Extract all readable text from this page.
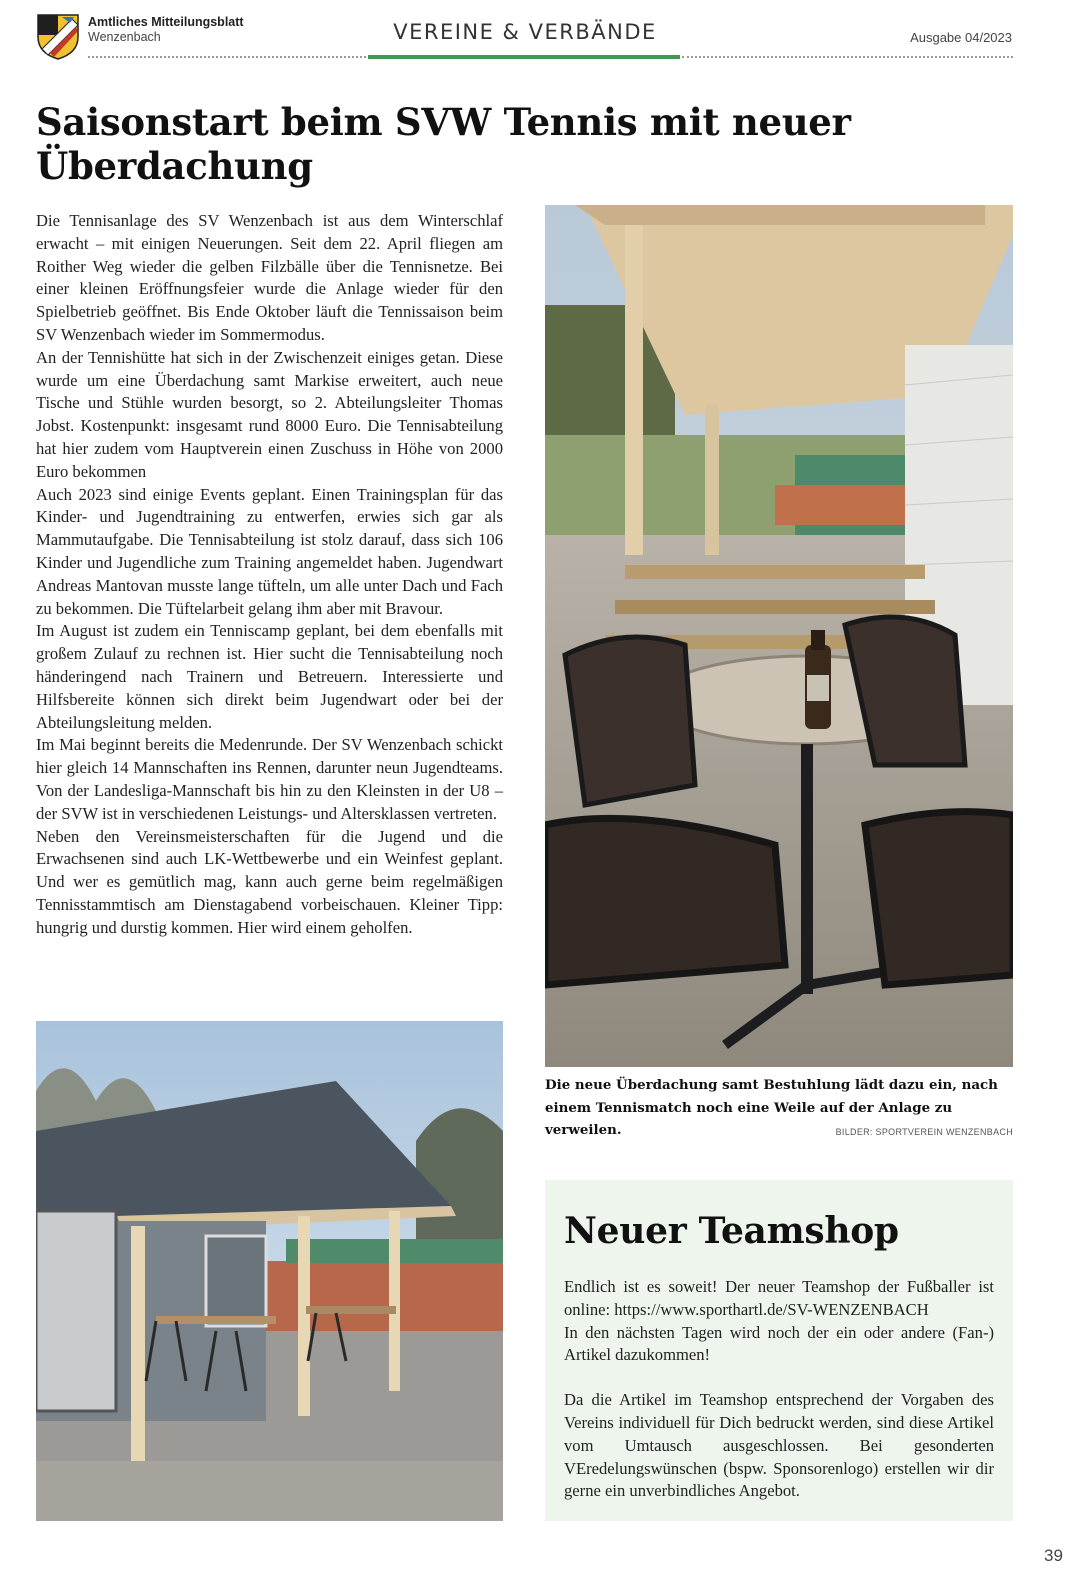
Amtliches Mitteilungsblatt
Wenzenbach	VEREINE & VERBÄNDE	Ausgabe 04/2023
Saisonstart beim SVW Tennis mit neuer Überdachung

Die Tennisanlage des SV Wenzenbach ist aus dem Winterschlaf erwacht – mit einigen Neuerungen. Seit dem 22. April fliegen am Roither Weg wieder die gelben Filzbälle über die Tennisnetze. Bei einer kleinen Eröffnungsfeier wurde die Anlage wieder für den Spielbetrieb geöffnet. Bis Ende Oktober läuft die Tennissaison beim SV Wenzenbach wieder im Sommermodus.

An der Tennishütte hat sich in der Zwischenzeit einiges getan. Diese wurde um eine Überdachung samt Markise erweitert, auch neue Tische und Stühle wurden besorgt, so 2. Abteilungsleiter Thomas Jobst. Kostenpunkt: insgesamt rund 8000 Euro. Die Tennisabteilung hat hier zudem vom Hauptverein einen Zuschuss in Höhe von 2000 Euro bekommen

Auch 2023 sind einige Events geplant. Einen Trainingsplan für das Kinder- und Jugendtraining zu entwerfen, erwies sich gar als Mammutaufgabe. Die Tennisabteilung ist stolz darauf, dass sich 106 Kinder und Jugendliche zum Training angemeldet haben. Jugendwart Andreas Mantovan musste lange tüfteln, um alle unter Dach und Fach zu bekommen. Die Tüftelarbeit gelang ihm aber mit Bravour.

Im August ist zudem ein Tenniscamp geplant, bei dem ebenfalls mit großem Zulauf zu rechnen ist. Hier sucht die Tennisabteilung noch händeringend nach Trainern und Betreuern. Interessierte und Hilfsbereite können sich direkt beim Jugendwart oder bei der Abteilungsleitung melden.

Im Mai beginnt bereits die Medenrunde. Der SV Wenzenbach schickt hier gleich 14 Mannschaften ins Rennen, darunter neun Jugendteams. Von der Landesliga-Mannschaft bis hin zu den Kleinsten in der U8 – der SVW ist in verschiedenen Leistungs- und Altersklassen vertreten.

Neben den Vereinsmeisterschaften für die Jugend und die Erwachsenen sind auch LK-Wettbewerbe und ein Weinfest geplant. Und wer es gemütlich mag, kann auch gerne beim regelmäßigen Tennisstammtisch am Dienstagabend vorbeischauen. Kleiner Tipp: hungrig und durstig kommen. Hier wird einem geholfen.

Die neue Überdachung samt Bestuhlung lädt dazu ein, nach einem Tennismatch noch eine Weile auf der Anlage zu verweilen.	BILDER: SPORTVEREIN WENZENBACH
Neuer Teamshop

Endlich ist es soweit! Der neuer Teamshop der Fußballer ist online: https://www.sporthartl.de/SV-WENZENBACH

In den nächsten Tagen wird noch der ein oder andere (Fan-) Artikel dazukommen!

Da die Artikel im Teamshop entsprechend der Vorgaben des Vereins individuell für Dich bedruckt werden, sind diese Artikel vom Umtausch ausgeschlossen. Bei gesonderten VEredelungswünschen (bspw. Sponsorenlogo) erstellen wir dir gerne ein unverbindliches Angebot.

39
